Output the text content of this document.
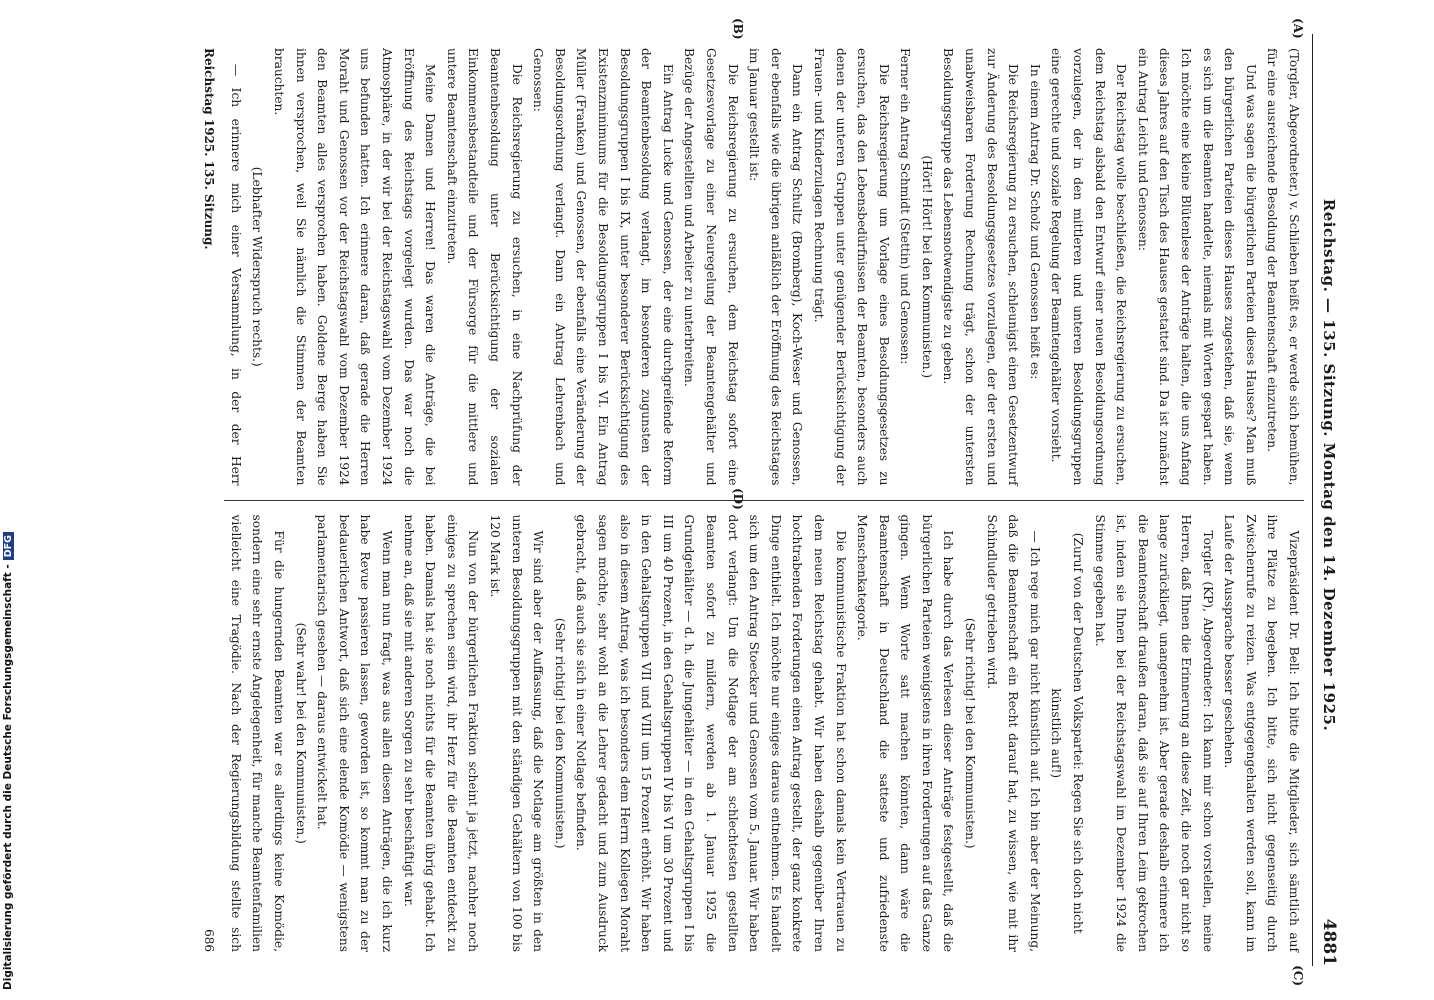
Reichstag. — 135. Sitzung. Montag den 14. Dezember 1925.
4881

(Torgler, Abgeordneter.) v. Schlieben heißt es, er werde sich bemühen, für eine ausreichende Besoldung der Beamtenschaft einzutreten.

Und was sagen die bürgerlichen Parteien dieses Hauses? Man muß den bürgerlichen Parteien dieses Hauses zugestehen, daß sie, wenn es sich um die Beamten handelte, niemals mit Worten gespart haben. Ich möchte eine kleine Blütenlese der Anträge halten, die uns Anfang dieses Jahres auf den Tisch des Hauses gestattet sind. Da ist zunächst ein Antrag Leicht und Genossen:

Der Reichstag wolle beschließen, die Reichsregierung zu ersuchen, dem Reichstag alsbald den Entwurf einer neuen Besoldungsordnung vorzulegen, der in den mittleren und unteren Besoldungsgruppen eine gerechte und soziale Regelung der Beamtengehälter vorsieht.

In einem Antrag Dr. Scholz und Genossen heißt es:

Die Reichsregierung zu ersuchen, schleunigst einen Gesetzentwurf zur Änderung des Besoldungsgesetzes vorzulegen, der der ersten und unabweisbaren Forderung Rechnung trägt, schon der untersten Besoldungsgruppe das Lebensnotwendigste zu geben.

(Hört! Hört! bei den Kommunisten.)

Ferner ein Antrag Schmidt (Stettin) und Genossen:

Die Reichsregierung um Vorlage eines Besoldungsgesetzes zu ersuchen, das den Lebensbedürfnissen der Beamten, besonders auch denen der unteren Gruppen unter genügender Berücksichtigung der Frauen- und Kinderzulagen Rechnung trägt.

Dann ein Antrag Schultz (Bromberg), Koch-Weser und Genossen, der ebenfalls wie die übrigen anläßlich der Eröffnung des Reichstages im Januar gestellt ist:

Die Reichsregierung zu ersuchen, dem Reichstag sofort eine Gesetzesvorlage zu einer Neuregelung der Beamtengehälter und Bezüge der Angestellten und Arbeiter zu unterbreiten.

Ein Antrag Lucke und Genossen, der eine durchgreifende Reform der Beamtenbesoldung verlangt, im besonderen zugunsten der Besoldungsgruppen I bis IX, unter besonderer Berücksichtigung des Existenzminimums für die Besoldungsgruppen I bis VI. Ein Antrag Müller (Franken) und Genossen, der ebenfalls eine Veränderung der Besoldungsordnung verlangt. Dann ein Antrag Lehrenbach und Genossen:

Die Reichsregierung zu ersuchen, in eine Nachprüfung der Beamtenbesoldung unter Berücksichtigung der sozialen Einkommensbestandteile und der Fürsorge für die mittlere und untere Beamtenschaft einzutreten.

Meine Damen und Herren! Das waren die Anträge, die bei Eröffnung des Reichstags vorgelegt wurden. Das war noch die Atmosphäre, in der wir bei der Reichstagswahl vom Dezember 1924 uns befunden hatten. Ich erinnere daran, daß gerade die Herren Moraht und Genossen vor der Reichstagswahl vom Dezember 1924 den Beamten alles versprochen haben. Goldene Berge haben Sie ihnen versprochen, weil Sie nämlich die Stimmen der Beamten brauchten.

(Lebhafter Widerspruch rechts.)

— Ich erinnere mich einer Versammlung, in der der Herr

Vizepräsident Dr. Bell: Ich bitte die Mitglieder, sich sämtlich auf ihre Plätze zu begeben. Ich bitte, sich nicht gegenseitig durch Zwischenrufe zu reizen. Was entgegengehalten werden soll, kann im Laufe der Aussprache besser geschehen.

Torgler (KP), Abgeordneter: Ich kann mir schon vorstellen, meine Herren, daß Ihnen die Erinnerung an diese Zeit, die noch gar nicht so lange zurückliegt, unangenehm ist. Aber gerade deshalb erinnere ich die Beamtenschaft draußen daran, daß sie auf Ihren Leim gekrochen ist, indem sie Ihnen bei der Reichstagswahl im Dezember 1924 die Stimme gegeben hat.

(Zuruf von der Deutschen Volkspartei: Regen Sie sich doch nicht künstlich auf!)

— Ich rege mich gar nicht künstlich auf. Ich bin aber der Meinung, daß die Beamtenschaft ein Recht darauf hat, zu wissen, wie mit ihr Schindluder getrieben wird.

(Sehr richtig! bei den Kommunisten.)

Ich habe durch das Verlesen dieser Anträge festgestellt, daß die bürgerlichen Parteien wenigstens in ihren Forderungen auf das Ganze gingen. Wenn Worte satt machen könnten, dann wäre die Beamtenschaft in Deutschland die satteste und zufriedenste Menschenkategorie.

Die kommunistische Fraktion hat schon damals kein Vertrauen zu dem neuen Reichstag gehabt. Wir haben deshalb gegenüber Ihren hochtrabenden Forderungen einen Antrag gestellt, der ganz konkrete Dinge enthielt. Ich möchte nur einiges daraus entnehmen. Es handelt sich um den Antrag Stoecker und Genossen vom 5. Januar. Wir haben dort verlangt: Um die Notlage der am schlechtesten gestellten Beamten sofort zu mildern, werden ab 1. Januar 1925 die Grundgehälter — d. h. die Jungehälter — in den Gehaltsgruppen I bis III um 40 Prozent, in den Gehaltsgruppen IV bis VI um 30 Prozent und in den Gehaltsgruppen VII und VIII um 15 Prozent erhöht. Wir haben also in diesem Antrag, was ich besonders dem Herrn Kollegen Moraht sagen möchte, sehr wohl an die Lehrer gedacht und zum Ausdruck gebracht, daß auch sie sich in einer Notlage befinden.

(Sehr richtig! bei den Kommunisten.)

Wir sind aber der Auffassung, daß die Notlage am größten in den unteren Besoldungsgruppen mit den ständigen Gehältern von 100 bis 120 Mark ist.

Nun von der bürgerlichen Fraktion scheint ja jetzt, nachher noch einiges zu sprechen sein wird, ihr Herz für die Beamten entdeckt zu haben. Damals hat sie noch nichts für die Beamten übrig gehabt. Ich nehme an, daß sie mit anderen Sorgen zu sehr beschäftigt war.

Wenn man nun fragt, was aus allen diesen Anträgen, die ich kurz habe Revue passieren lassen, geworden ist, so kommt man zu der bedauerlichen Antwort, daß sich eine elende Komödie — wenigstens parlamentarisch gesehen — daraus entwickelt hat.

(Sehr wahr! bei den Kommunisten.)

Für die hungernden Beamten war es allerdings keine Komödie, sondern eine sehr ernste Angelegenheit, für manche Beamtenfamilien vielleicht eine Tragödie. Nach der Regierungsbildung stellte sich

Reichstag 1925. 135. Sitzung.
686
(A)
(B)
(C)
(D)
Digitalisierung gefördert durch die Deutsche Forschungsgemeinschaft -DFG
